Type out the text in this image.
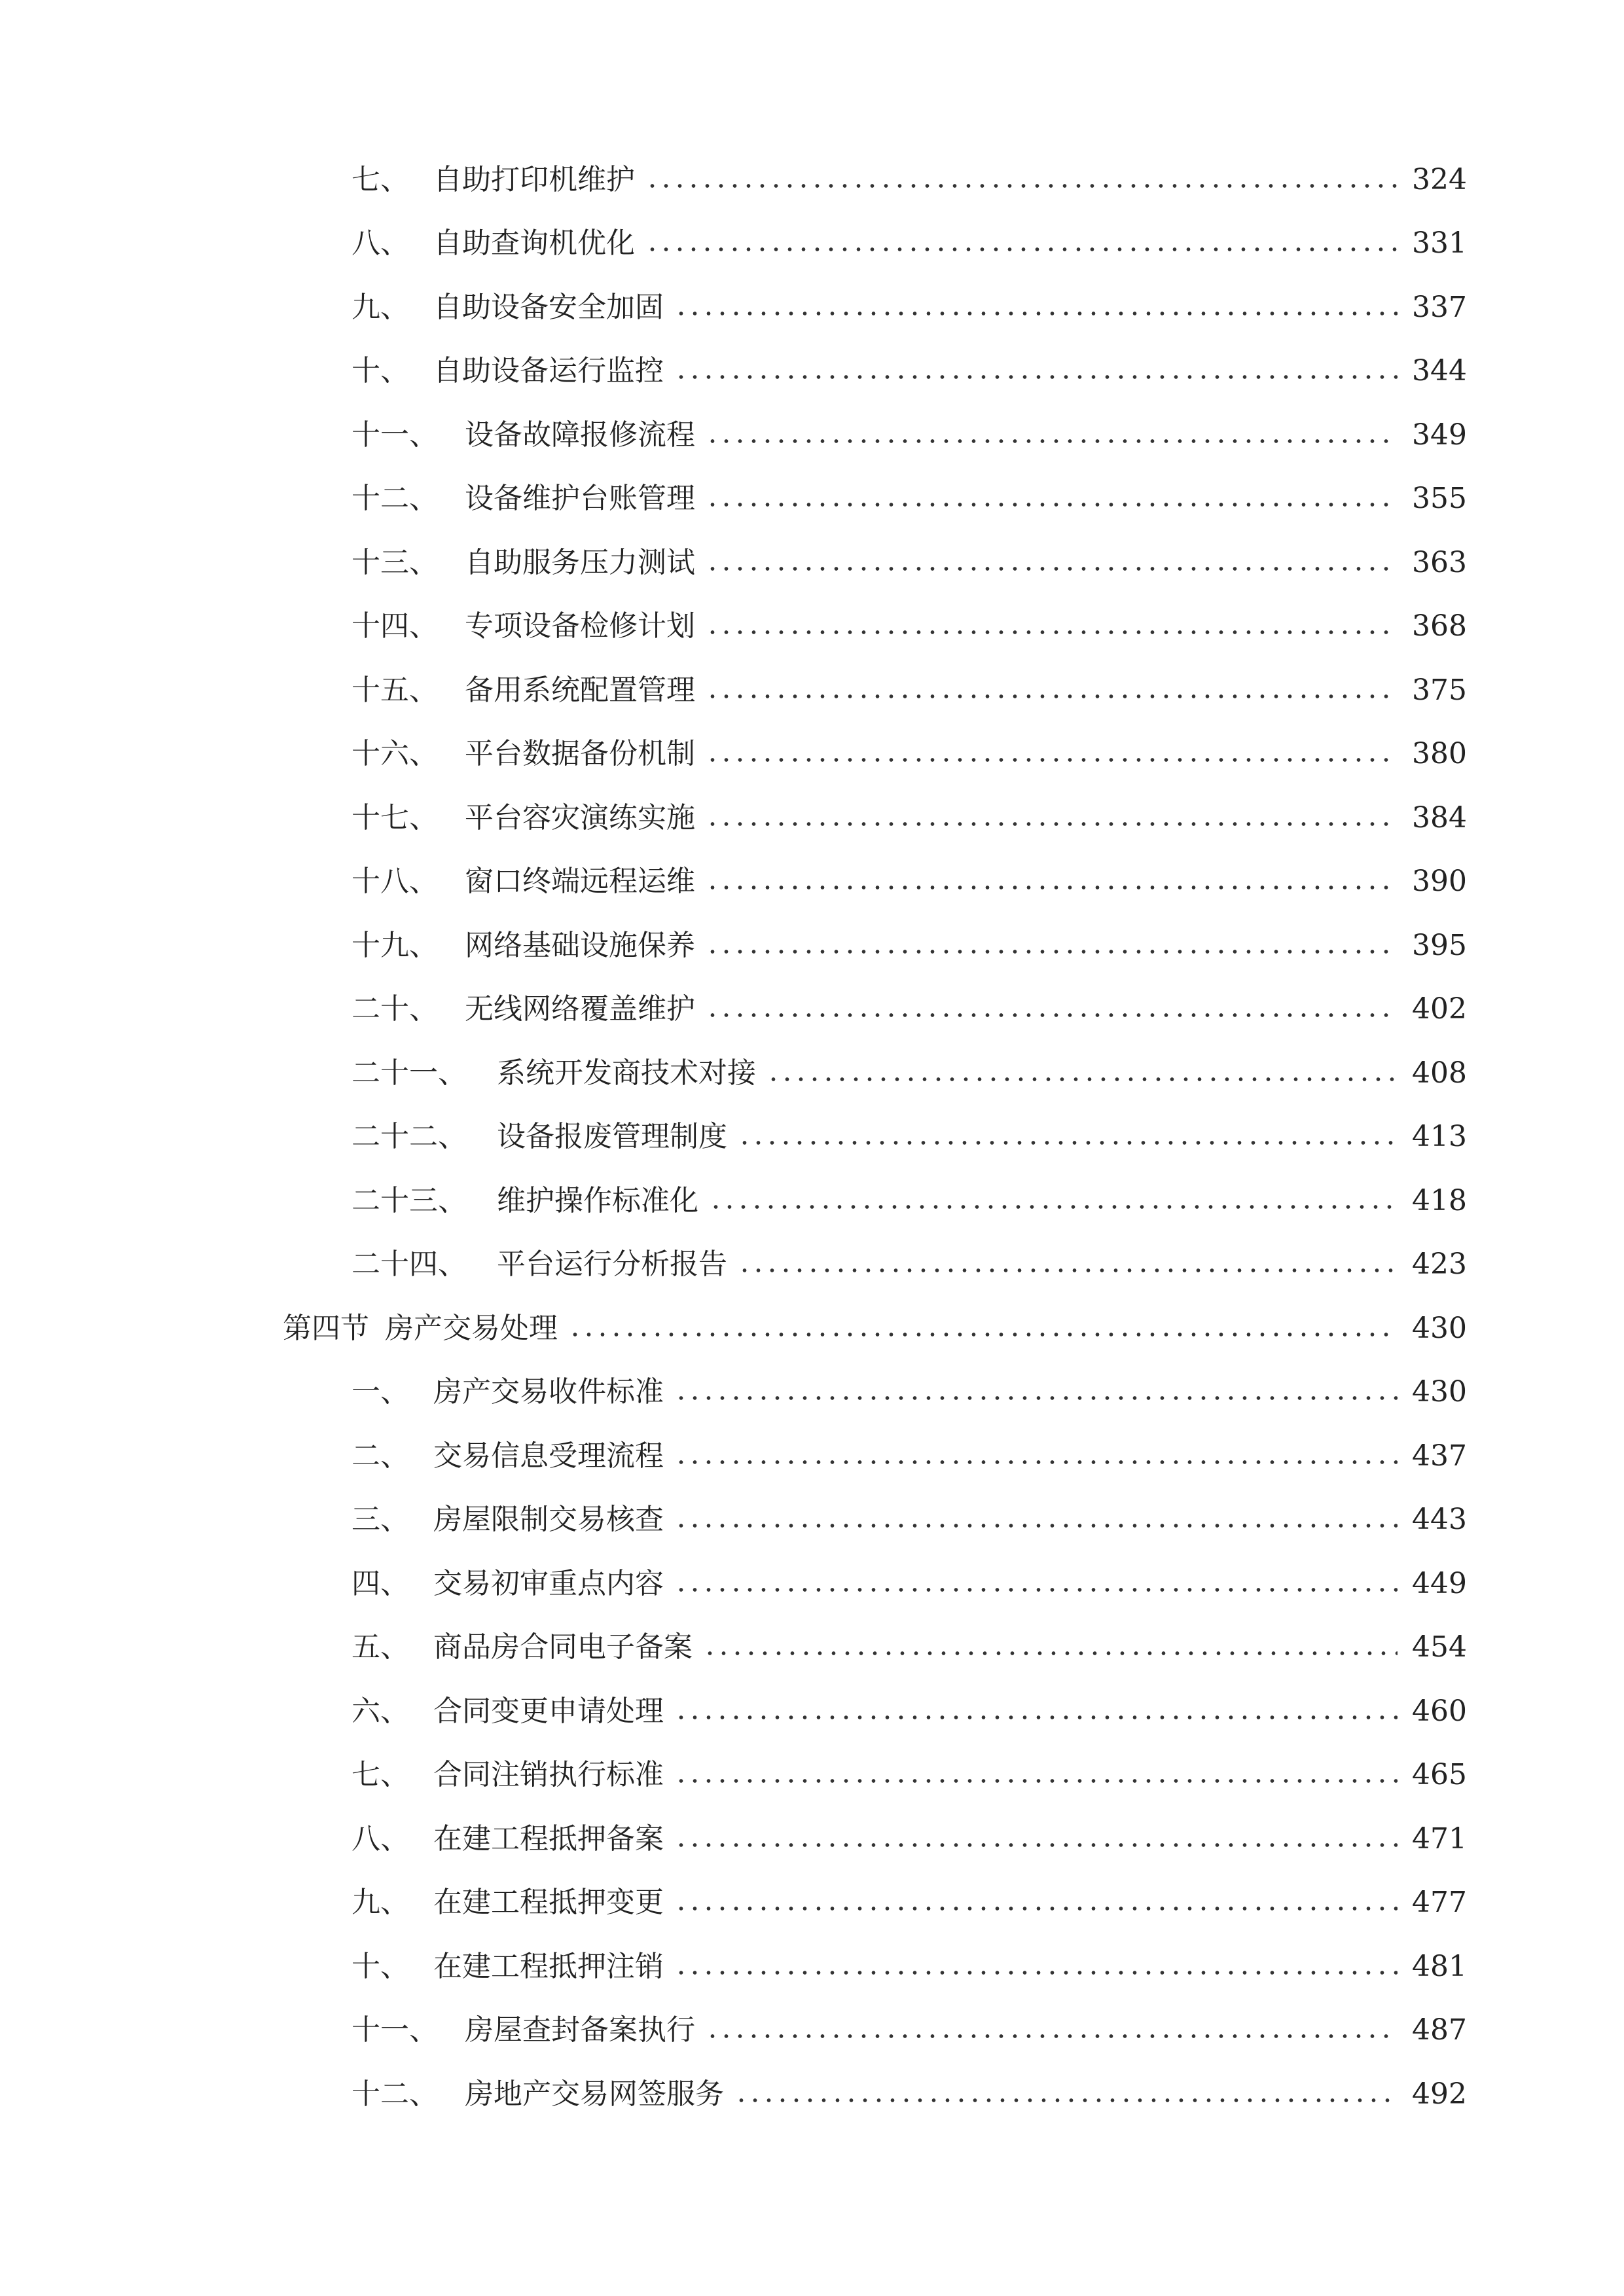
七、 自助打印机维护	324
八、 自助查询机优化	331
九、 自助设备安全加固	337
十、 自助设备运行监控	344
十一、 设备故障报修流程	349
十二、 设备维护台账管理	355
十三、 自助服务压力测试	363
十四、 专项设备检修计划	368
十五、 备用系统配置管理	375
十六、 平台数据备份机制	380
十七、 平台容灾演练实施	384
十八、 窗口终端远程运维	390
十九、 网络基础设施保养	395
二十、 无线网络覆盖维护	402
二十一、	系统开发商技术对接	408
二十二、	设备报废管理制度	413
二十三、	维护操作标准化	418
二十四、	平台运行分析报告	423
第四节 房产交易处理	430
一、 房产交易收件标准	430
二、 交易信息受理流程	437
三、 房屋限制交易核查	443
四、 交易初审重点内容	449
五、 商品房合同电子备案	454
六、 合同变更申请处理	460
七、 合同注销执行标准	465
八、 在建工程抵押备案	471
九、 在建工程抵押变更	477
十、 在建工程抵押注销	481
十一、 房屋查封备案执行	487
十二、 房地产交易网签服务	492
